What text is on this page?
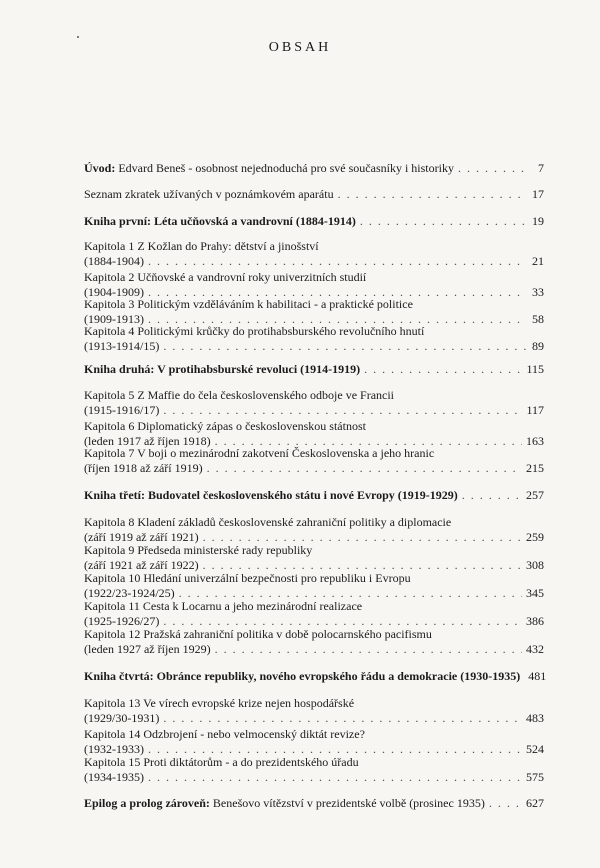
OBSAH
Úvod: Edvard Beneš - osobnost nejednoduchá pro své současníky i historiky . . .	7
Seznam zkratek užívaných v poznámkovém aparátu . . .	17
Kniha první: Léta učňovská a vandrovní (1884-1914) . . .	19
Kapitola 1 Z Kožlan do Prahy: dětství a jinošství
(1884-1904) . . .	21
Kapitola 2 Učňovské a vandrovní roky univerzitních studií
(1904-1909) . . .	33
Kapitola 3 Politickým vzděláváním k habilitaci - a praktické politice
(1909-1913) . . .	58
Kapitola 4 Politickými krůčky do protihabsburského revolučního hnutí
(1913-1914/15) . . .	89
Kniha druhá: V protihabsburské revoluci (1914-1919) . . .	115
Kapitola 5 Z Maffie do čela československého odboje ve Francii
(1915-1916/17) . . .	117
Kapitola 6 Diplomatický zápas o československou státnost
(leden 1917 až říjen 1918) . . .	163
Kapitola 7 V boji o mezinárodní zakotvení Československa a jeho hranic
(říjen 1918 až září 1919) . . .	215
Kniha třetí: Budovatel československého státu i nové Evropy (1919-1929) . . .	257
Kapitola 8 Kladení základů československé zahraniční politiky a diplomacie
(září 1919 až září 1921) . . .	259
Kapitola 9 Předseda ministerské rady republiky
(září 1921 až září 1922) . . .	308
Kapitola 10 Hledání univerzální bezpečnosti pro republiku i Evropu
(1922/23-1924/25) . . .	345
Kapitola 11 Cesta k Locarnu a jeho mezinárodní realizace
(1925-1926/27) . . .	386
Kapitola 12 Pražská zahraniční politika v době polocarnského pacifismu
(leden 1927 až říjen 1929) . . .	432
Kniha čtvrtá: Obránce republiky, nového evropského řádu a demokracie (1930-1935) 481
Kapitola 13 Ve vírech evropské krize nejen hospodářské
(1929/30-1931) . . .	483
Kapitola 14 Odzbrojení - nebo velmocenský diktát revize?
(1932-1933) . . .	524
Kapitola 15 Proti diktátorům - a do prezidentského úřadu
(1934-1935) . . .	575
Epilog a prolog zároveň: Benešovo vítězství v prezidentské volbě (prosinec 1935) . . .	627
